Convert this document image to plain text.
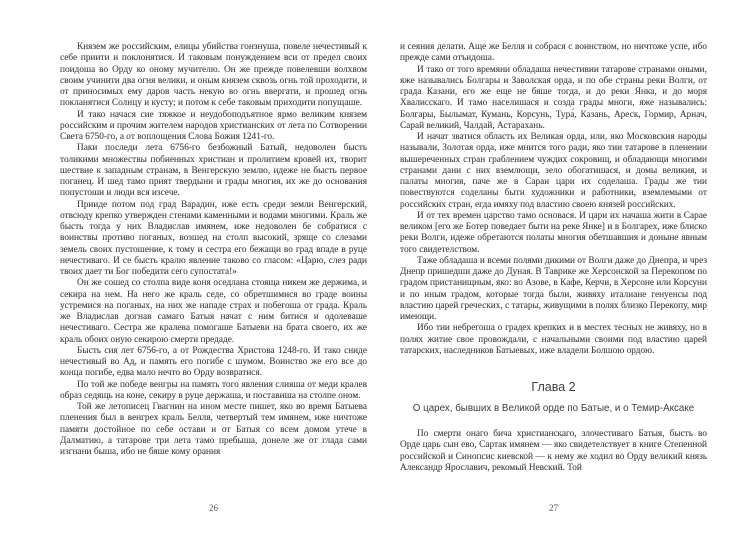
Князем же российским, елицы убийства гонзнуша, повеле нечестивый к себе приити и поклонятися. И таковым понуждением вси от предел своих поидоша во Орду ко оному мучителю. Он же прежде повелевши волхвом своим учинити два огня велики, и оным князем сквозь огнь той проходити, и от приносимых ему даров часть некую во огнь ввергати, и прошед огнь покланятися Солнцу и кусту; и потом к себе таковым приходити попущаше.

И тако начася сие тяжкое и неудобоподъятное ярмо великим князем российским и прочим жителем народов христианских от лета по Сотворении Света 6750-го, а от воплощения Слова Божия 1241-го.

Паки последи лета 6756-го безбожный Батый, недоволен бысть толикими множествы побиенных христиан и пролитием кровей их, творит шествие к западным странам, в Венгерскую землю, идеже не бысть первое поганец. И шед тамо прият твердыни и грады многия, их же до основания попустоши и люди вся изсече.

Прииде потом под град Варадин, иже есть среди земли Венгерский, отвсюду крепко утвержден стенами каменными и водами многими. Краль же бысть тогда у них Владислав имянем, иже недоволен бе собратися с воинствы противо поганых, возшед на столп высокий, зряще со слезами земель своих пустошение, к тому и сестра его бежащи во град впаде в руце нечестиваго. И се бысть кралю явление таково со гласом: «Царю, слез ради твоих дает ти Бог победити сего супостата!»

Он же сошед со столпа виде коня оседлана стояща никем же держима, и секира на нем. На него же краль седе, со обретшимися во граде воины устремися на поганых, на них же нападе страх и побегоша от града. Краль же Владислав догнав самаго Батыя начат с ним битися и одолеваше нечестиваго. Сестра же кралева помогаше Батыеви на брата своего, их же краль обоих оную секирою смерти предаде.

Бысть сия лет 6756-го, а от Рождества Христова 1248-го. И тако сниде нечестивый во Ад, и память его погибе с шумом. Воинство же его все до конца погибе, едва мало нечто во Орду возвратися.

По той же победе венгры на память того явления слияша от меди кралев образ седящь на коне, секиру в руце держаша, и поставиша на столпе оном.

Той же летописец Гвагнин на ином месте пишет, яко во время Батыева пленения был в венгрех краль Белля, четвертый тем имянем, иже ничтоже памяти достойное по себе остави и от Батыя со всем домом утече в Далматию, а татарове три лета тамо пребыша, донеле же от глада сами изгнани быша, ибо не бяше кому орания

26

и сеяния делати. Аще же Белля и собрася с воинством, но ничтоже успе, ибо прежде сами отъидоша.

И тако от того времяни обладаша нечестивии татарове странами оными, яже назывались Болгары и Заволская орда, и по обе страны реки Волги, от града Казани, его же еще не бяше тогда, и до реки Янка, и до моря Хвалисскаго. И тамо населишася и созда грады многи, яже назывались: Болгары, Былымат, Кумань, Корсунь, Тура́, Казань, Ареск, Гормир, Арнач, Сарай великий, Чалдай, Астарахань.

И начат зватися область их Великая орда, или, яко Московския народы называли, Золотая орда, иже мнится того ради, яко тии татарове в пленении вышереченных стран граблением чуждих сокровищ, и обладающи многими странами дани с них вземлющи, зело обогатишася, и домы великия, и палаты многия, паче же в Сараи цари их соделаша. Грады же тии повествуются соделаны быти художники и работники, вземлемыми от российских стран, егда имяху под властию своею князей российских.

И от тех времен царство тамо основася. И цари их начаша жити в Сарае великом [его же Ботер поведает быти на реке Янке] и в Болгарех, иже блиско реки Волги, идеже обретаются полаты многия обетшавшия и доныне явным того свидетелством.

Таже обладаша и всеми полями дикими от Волги даже до Днепра, и чрез Днепр пришедши даже до Дуная. В Таврике же Херсонской за Перекопом по градом пристанищным, яко: во Азове, в Кафе, Керчи, в Херсоне или Корсуни и по иным градом, которые тогда были, живяху италиане генуенсы под властию царей греческих, с татары, живущими в полях близко Перекопу, мир имеющи.

Ибо тии небрегоша о градех крепких и в местех тесных не живяху, но в полях житие свое провождали, с начальными своими под властию царей татарских, наследников Батыевых, иже владели Болшою ордою.

Глава 2
О царех, бывших в Великой орде по Батые, и о Темир-Аксаке

По смерти онаго бича христианскаго, злочестиваго Батыя, бысть во Орде царь сын ево, Сартак имянем — яко свидетелствует в книге Степенной российской и Синопсис киевской — к нему же ходил во Орду великий князь Александр Ярославич, рекомый Невский. Той

27
